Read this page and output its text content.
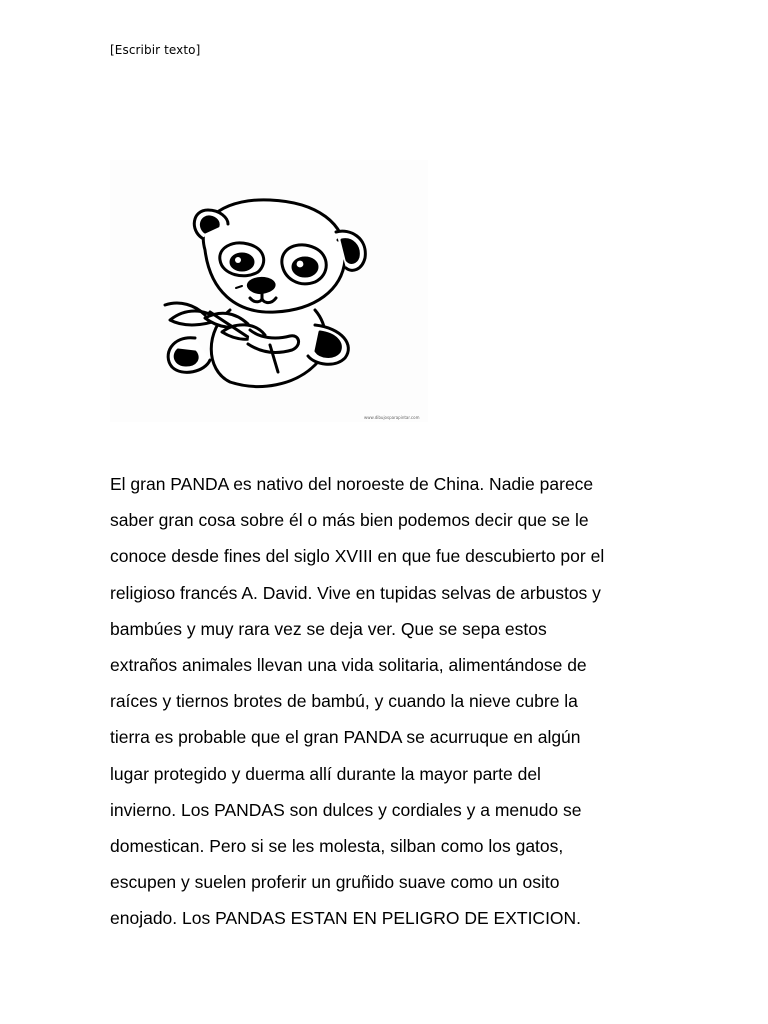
[Escribir texto]
www.dibujosparapintar.com
El gran PANDA es nativo del noroeste de China. Nadie parece
saber gran cosa sobre él o más bien podemos decir que se le
conoce desde fines del siglo XVIII en que fue descubierto por el
religioso francés A. David. Vive en tupidas selvas de arbustos y
bambúes y muy rara vez se deja ver. Que se sepa estos
extraños animales llevan una vida solitaria, alimentándose de
raíces y tiernos brotes de bambú, y cuando la nieve cubre la
tierra es probable que el gran PANDA se acurruque en algún
lugar protegido y duerma allí durante la mayor parte del
invierno. Los PANDAS son dulces y cordiales y a menudo se
domestican. Pero si se les molesta, silban como los gatos,
escupen y suelen proferir un gruñido suave como un osito
enojado. Los PANDAS ESTAN EN PELIGRO DE EXTICION.
